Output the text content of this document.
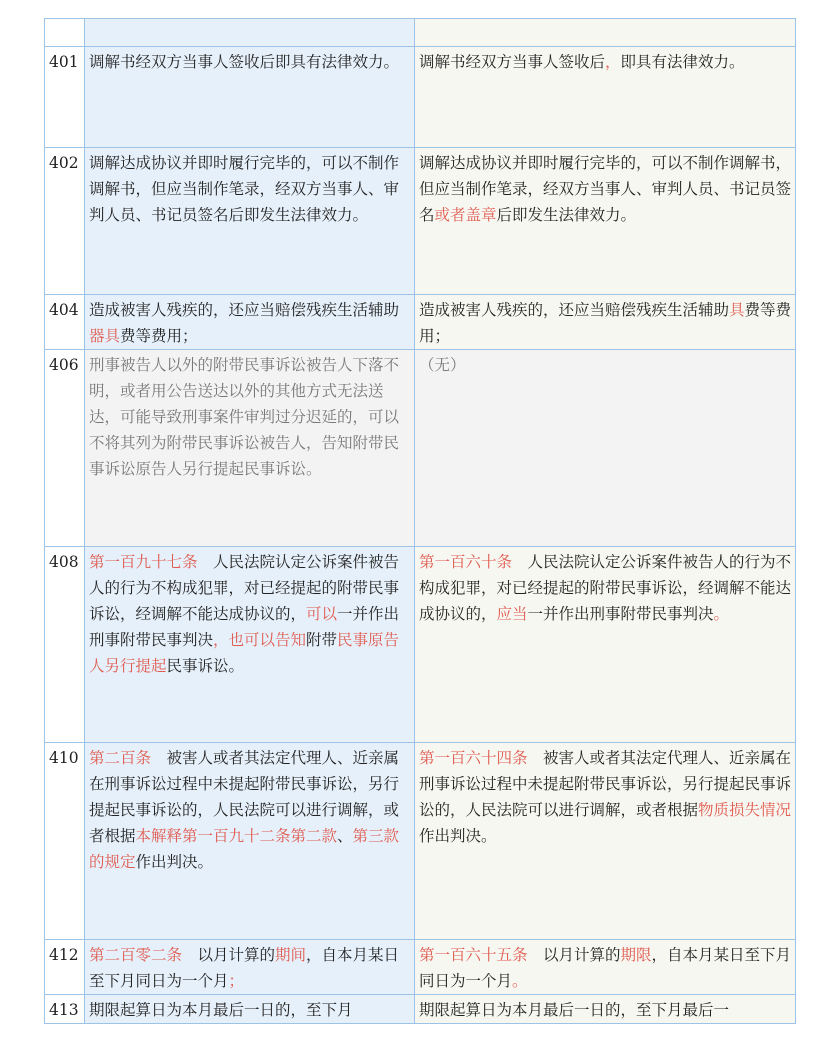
401	调解书经双方当事人签收后即具有法律效力。	调解书经双方当事人签收后，即具有法律效力。
402	调解达成协议并即时履行完毕的，可以不制作调解书，但应当制作笔录，经双方当事人、审判人员、书记员签名后即发生法律效力。	调解达成协议并即时履行完毕的，可以不制作调解书，但应当制作笔录，经双方当事人、审判人员、书记员签名或者盖章后即发生法律效力。
404	造成被害人残疾的，还应当赔偿残疾生活辅助器具费等费用；	造成被害人残疾的，还应当赔偿残疾生活辅助具费等费用；
406	刑事被告人以外的附带民事诉讼被告人下落不明，或者用公告送达以外的其他方式无法送达，可能导致刑事案件审判过分迟延的，可以不将其列为附带民事诉讼被告人，告知附带民事诉讼原告人另行提起民事诉讼。	（无）
408	第一百九十七条　人民法院认定公诉案件被告人的行为不构成犯罪，对已经提起的附带民事诉讼，经调解不能达成协议的，可以一并作出刑事附带民事判决，也可以告知附带民事原告人另行提起民事诉讼。	第一百六十条　人民法院认定公诉案件被告人的行为不构成犯罪，对已经提起的附带民事诉讼，经调解不能达成协议的，应当一并作出刑事附带民事判决。
410	第二百条　被害人或者其法定代理人、近亲属在刑事诉讼过程中未提起附带民事诉讼，另行提起民事诉讼的，人民法院可以进行调解，或者根据本解释第一百九十二条第二款、第三款的规定作出判决。	第一百六十四条　被害人或者其法定代理人、近亲属在刑事诉讼过程中未提起附带民事诉讼，另行提起民事诉讼的，人民法院可以进行调解，或者根据物质损失情况作出判决。
412	第二百零二条　以月计算的期间，自本月某日至下月同日为一个月；	第一百六十五条　以月计算的期限，自本月某日至下月同日为一个月。
413	期限起算日为本月最后一日的，至下月	期限起算日为本月最后一日的，至下月最后一
